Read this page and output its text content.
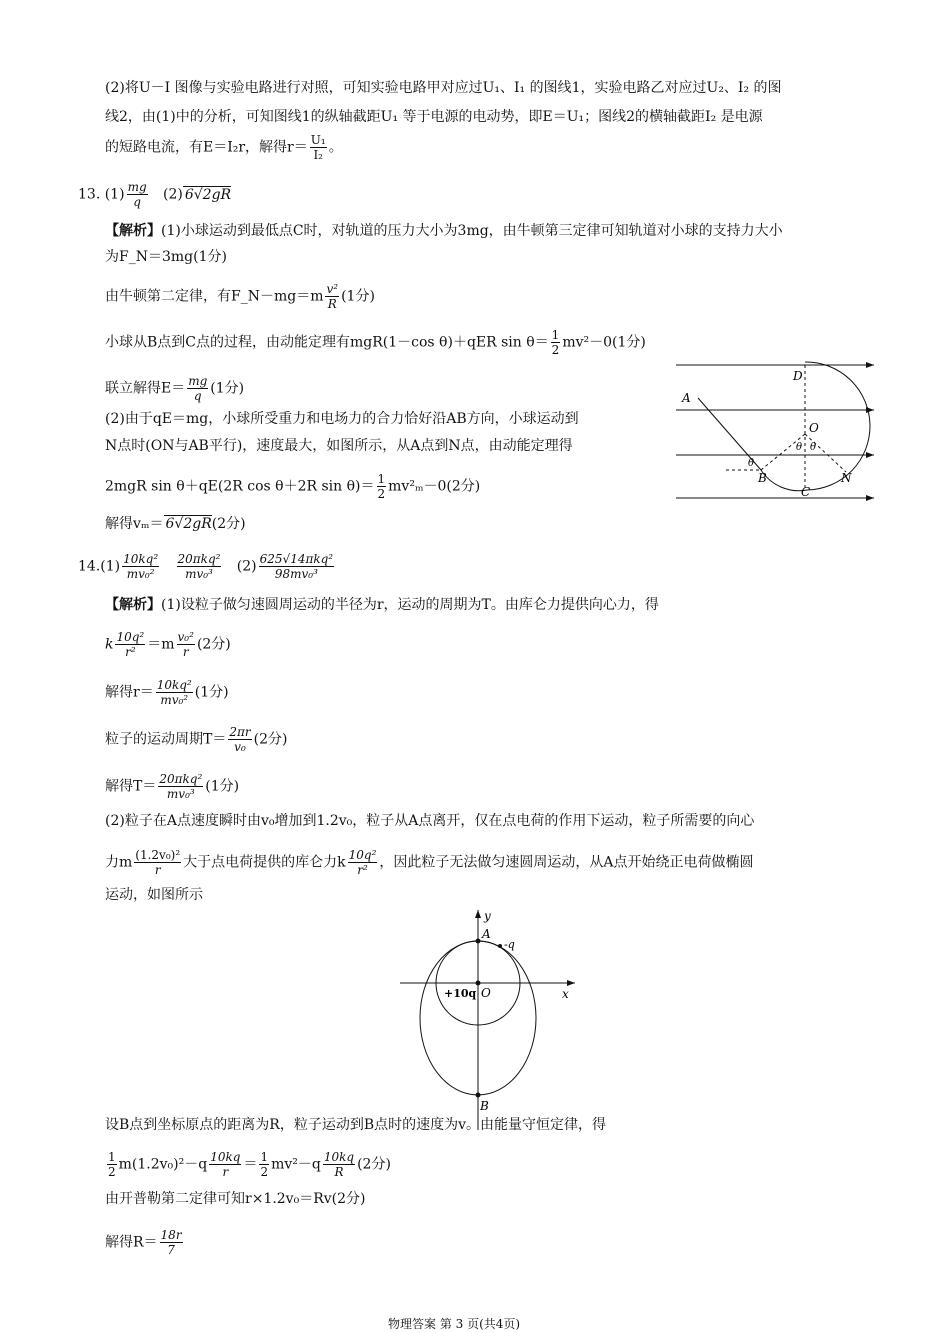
(2)将U－I 图像与实验电路进行对照，可知实验电路甲对应过U₁、I₁ 的图线1，实验电路乙对应过U₂、I₂ 的图
线2，由(1)中的分析，可知图线1的纵轴截距U₁ 等于电源的电动势，即E＝U₁；图线2的横轴截距I₂ 是电源
的短路电流，有E＝I₂r，解得$r= \frac{\text{U₁}}{\text{I₂}}$ 。
13. $(1) \frac{mg}{q} (2)$ 6√2gR
【解析】(1)小球运动到最低点C时，对轨道的压力大小为3mg，由牛顿第三定律可知轨道对小球的支持力大小
为F_N＝3mg(1分)
由牛顿第二定律，有F_N－mg＝m $\frac{\text{v²}}{R} (1$分)
小球从B点到C点的过程，由动能定理有mgR(1－cos θ)＋qER $\sin \theta= \frac{1}{2} mv^2-0(1$分)
联立解得$E= \frac{mg}{q} (1$分)
(2)由于qE＝mg，小球所受重力和电场力的合力恰好沿AB方向，小球运动到
N点时(ON与AB平行)，速度最大，如图所示，从A点到N点，由动能定理得
2mgR sin θ＋qE(2R cos θ＋2R $\sin \theta)= \frac{1}{2} mv^2_m-0(2$分)
解得vₘ＝ 6√2gR(2分)
A
D
O
θ θ
θ
B
C
N
$14.(1) \frac{\text{10kq²}}{\text{mv₀²}}$
$\frac{\text{20πkq²}}{\text{mv₀³}} (2) \frac{\text{625√14πkq²}}{\text{98mv₀³}}$
【解析】(1)设粒子做匀速圆周运动的半径为r，运动的周期为T。由库仑力提供向心力，得
k $\frac{\text{10q²}}{\text{r²}} =m \frac{\text{v₀²}}{r} (2$分)
解得$r= \frac{\text{10kq²}}{\text{mv₀²}} (1$分)
粒子的运动周期$T= \frac{2\pi r}{\text{v₀}} (2$分)
解得$T= \frac{\text{20πkq²}}{\text{mv₀³}} (1$分)
(2)粒子在A点速度瞬时由v₀增加到1.2v₀，粒子从A点离开，仅在点电荷的作用下运动，粒子所需要的向心
力m $\frac{\text{(1.2v₀)²}}{r}$ 大于点电荷提供的库仑力k $\frac{\text{10q²}}{\text{r²}}$ ，因此粒子无法做匀速圆周运动，从A点开始绕正电荷做椭圆
运动，如图所示
y
x
A
-q
+10q O
B
设B点到坐标原点的距离为R，粒子运动到B点时的速度为v。由能量守恒定律，得
$\frac{1}{2} m(1.2v_0)^2-q \frac{10kq}{r} = \frac{1}{2} mv^2-q \frac{10kq}{R} (2$分)
由开普勒第二定律可知r×1.2v₀＝Rv(2分)
解得$R= \frac{18r}{7}$
物理答案 第 3 页(共4页)
